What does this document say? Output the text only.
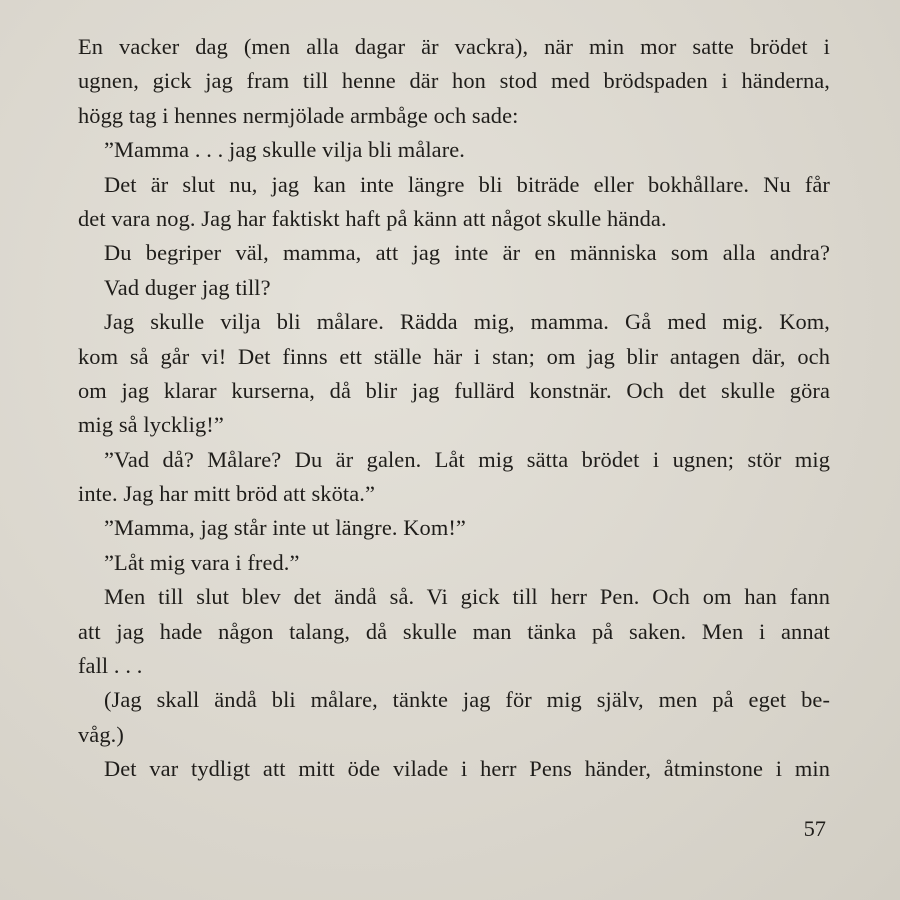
En vacker dag (men alla dagar är vackra), när min mor satte brödet i
ugnen, gick jag fram till henne där hon stod med brödspaden i händerna,
högg tag i hennes nermjölade armbåge och sade:
”Mamma . . . jag skulle vilja bli målare.
Det är slut nu, jag kan inte längre bli biträde eller bokhållare. Nu får
det vara nog. Jag har faktiskt haft på känn att något skulle hända.
Du begriper väl, mamma, att jag inte är en människa som alla andra?
Vad duger jag till?
Jag skulle vilja bli målare. Rädda mig, mamma. Gå med mig. Kom,
kom så går vi! Det finns ett ställe här i stan; om jag blir antagen där, och
om jag klarar kurserna, då blir jag fullärd konstnär. Och det skulle göra
mig så lycklig!”
”Vad då? Målare? Du är galen. Låt mig sätta brödet i ugnen; stör mig
inte. Jag har mitt bröd att sköta.”
”Mamma, jag står inte ut längre. Kom!”
”Låt mig vara i fred.”
Men till slut blev det ändå så. Vi gick till herr Pen. Och om han fann
att jag hade någon talang, då skulle man tänka på saken. Men i annat
fall . . .
(Jag skall ändå bli målare, tänkte jag för mig själv, men på eget be-
våg.)
Det var tydligt att mitt öde vilade i herr Pens händer, åtminstone i min
57
